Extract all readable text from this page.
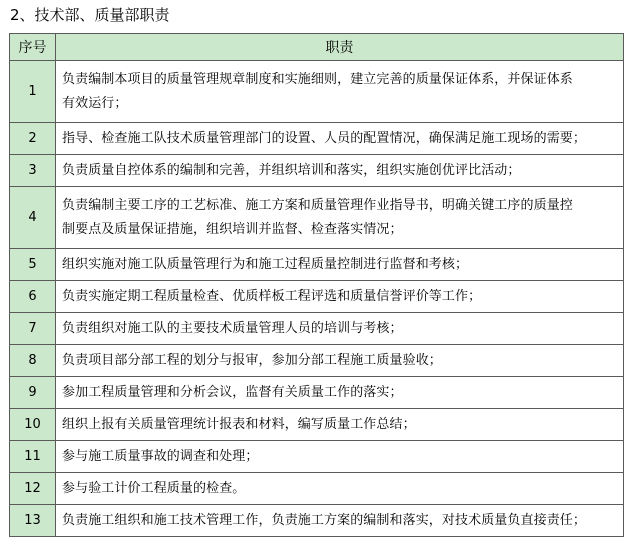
2、技术部、质量部职责
序号	职责
1	负责编制本项目的质量管理规章制度和实施细则，建立完善的质量保证体系，并保证体系
有效运行；

2	指导、检查施工队技术质量管理部门的设置、人员的配置情况，确保满足施工现场的需要；

3	负责质量自控体系的编制和完善，并组织培训和落实，组织实施创优评比活动；

4	负责编制主要工序的工艺标准、施工方案和质量管理作业指导书，明确关键工序的质量控
制要点及质量保证措施，组织培训并监督、检查落实情况；

5	组织实施对施工队质量管理行为和施工过程质量控制进行监督和考核；

6	负责实施定期工程质量检查、优质样板工程评选和质量信誉评价等工作；

7	负责组织对施工队的主要技术质量管理人员的培训与考核；

8	负责项目部分部工程的划分与报审，参加分部工程施工质量验收；

9	参加工程质量管理和分析会议，监督有关质量工作的落实；

10	组织上报有关质量管理统计报表和材料，编写质量工作总结；

11	参与施工质量事故的调查和处理；

12	参与验工计价工程质量的检查。

13	负责施工组织和施工技术管理工作，负责施工方案的编制和落实，对技术质量负直接责任；
